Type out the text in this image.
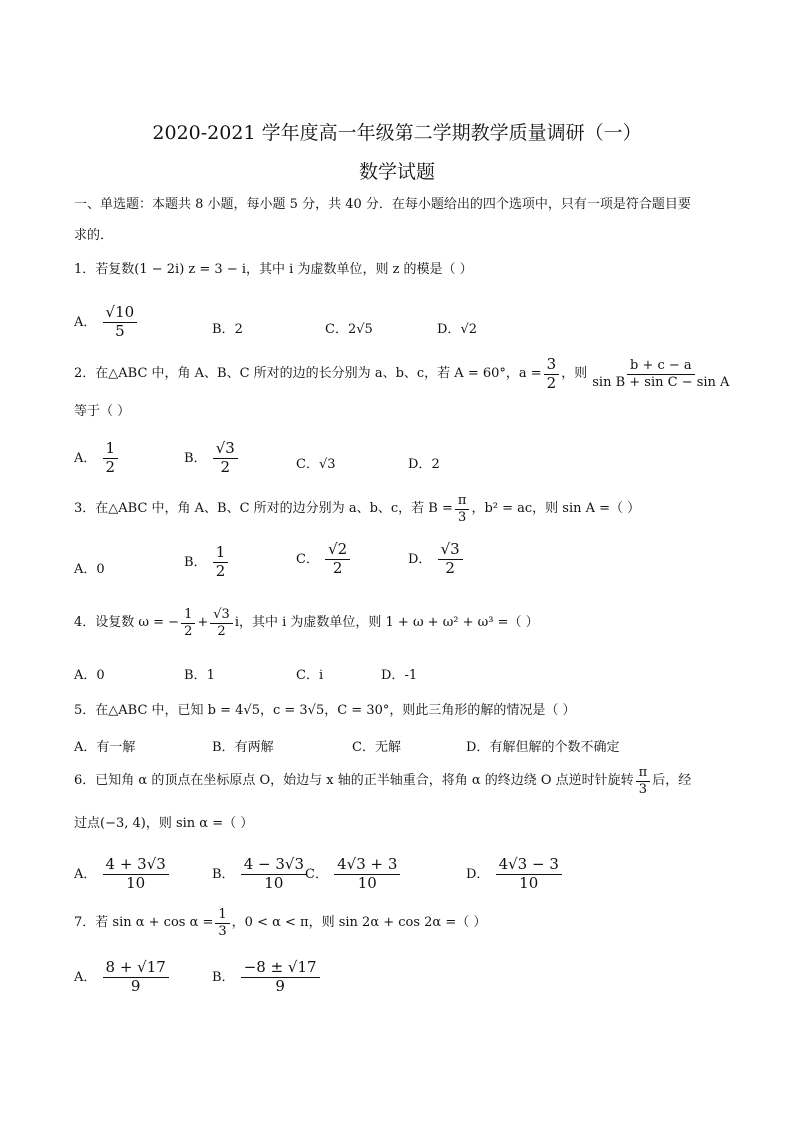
2020-2021 学年度高一年级第二学期教学质量调研（一）
数学试题
一、单选题：本题共 8 小题，每小题 5 分，共 40 分．在每小题给出的四个选项中，只有一项是符合题目要
求的．
1．若复数(1 − 2i) z = 3 − i，其中 i 为虚数单位，则 z 的模是（ ）
A． $\frac{√10}{5}$	B．2	C．2√5	D．√2
2．在△ABC 中，角 A、B、C 所对的边的长分别为 a、b、c，若 A = 60°， $a = \frac{3}{2}$ ，则 $\frac{b + c - a}{\text{sin B + sin C − sin A}}$
等于（ ）
A． $\frac{1}{2}$	B． $\frac{√3}{2}$	C．√3	D．2
3．在△ABC 中，角 A、B、C 所对的边分别为 a、b、c，若 $B = \frac{\pi}{3}$ ，b² = ac，则 sin A =（ ）
A．0	B． $\frac{1}{2}$	C． $\frac{√2}{2}$	D． $\frac{√3}{2}$
4．设复数 ω = − $\frac{1}{2} + \frac{√3}{2}$ i，其中 i 为虚数单位，则 1 + ω + ω² + ω³ =（ ）
A．0	B．1	C．i	D．-1
5．在△ABC 中，已知 b = 4√5，c = 3√5，C = 30°，则此三角形的解的情况是（ ）
A．有一解	B．有两解	C．无解	D．有解但解的个数不确定
6．已知角 α 的顶点在坐标原点 O，始边与 x 轴的正半轴重合，将角 α 的终边绕 O 点逆时针旋转 $\frac{\pi}{3}$ 后，经
过点(−3, 4)，则 sin α =（ ）
A． $\frac{4 + 3√3}{10}$	B． $\frac{4 - 3√3}{10}$
C． $\frac{4√3 + 3}{10}$	D． $\frac{4√3 - 3}{10}$
7．若 $\sin \alpha + \cos \alpha = \frac{1}{3}$ ，0 < α < π，则 sin 2α + cos 2α =（ ）
A． $\frac{8 + √17}{9}$	B． $\frac{-8 \pm √17}{9}$
